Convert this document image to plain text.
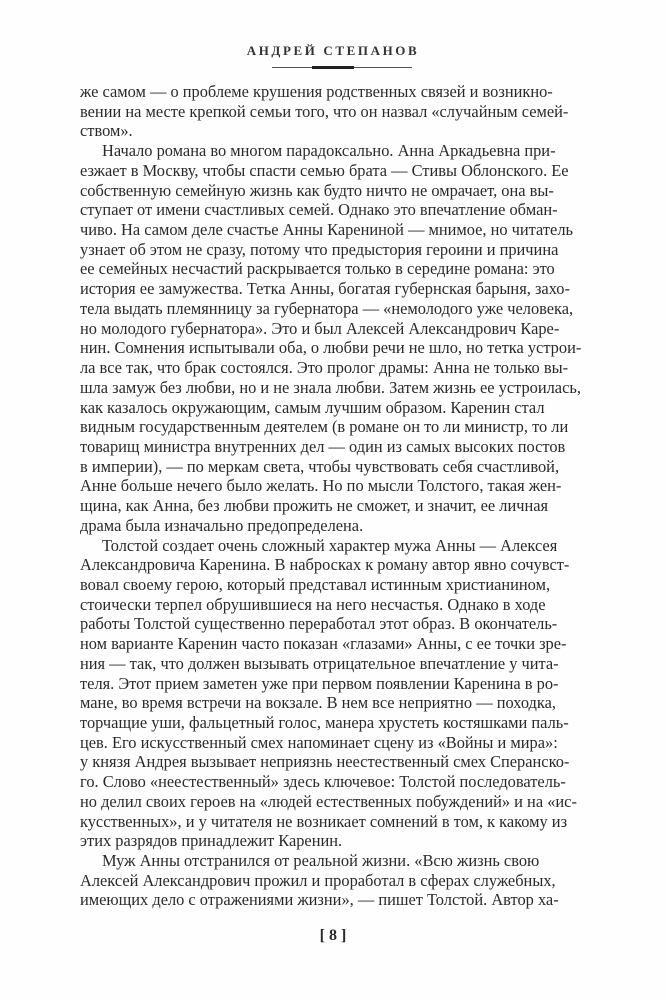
АНДРЕЙ СТЕПАНОВ
же самом — о проблеме крушения родственных связей и возникно-
вении на месте крепкой семьи того, что он назвал «случайным семей-
ством».
Начало романа во многом парадоксально. Анна Аркадьевна при-
езжает в Москву, чтобы спасти семью брата — Стивы Облонского. Ее
собственную семейную жизнь как будто ничто не омрачает, она вы-
ступает от имени счастливых семей. Однако это впечатление обман-
чиво. На самом деле счастье Анны Карениной — мнимое, но читатель
узнает об этом не сразу, потому что предыстория героини и причина
ее семейных несчастий раскрывается только в середине романа: это
история ее замужества. Тетка Анны, богатая губернская барыня, захо-
тела выдать племянницу за губернатора — «немолодого уже человека,
но молодого губернатора». Это и был Алексей Александрович Каре-
нин. Сомнения испытывали оба, о любви речи не шло, но тетка устрои-
ла все так, что брак состоялся. Это пролог драмы: Анна не только вы-
шла замуж без любви, но и не знала любви. Затем жизнь ее устроилась,
как казалось окружающим, самым лучшим образом. Каренин стал
видным государственным деятелем (в романе он то ли министр, то ли
товарищ министра внутренних дел — один из самых высоких постов
в империи), — по меркам света, чтобы чувствовать себя счастливой,
Анне больше нечего было желать. Но по мысли Толстого, такая жен-
щина, как Анна, без любви прожить не сможет, и значит, ее личная
драма была изначально предопределена.
Толстой создает очень сложный характер мужа Анны — Алексея
Александровича Каренина. В набросках к роману автор явно сочувст-
вовал своему герою, который представал истинным христианином,
стоически терпел обрушившиеся на него несчастья. Однако в ходе
работы Толстой существенно переработал этот образ. В окончатель-
ном варианте Каренин часто показан «глазами» Анны, с ее точки зре-
ния — так, что должен вызывать отрицательное впечатление у чита-
теля. Этот прием заметен уже при первом появлении Каренина в ро-
мане, во время встречи на вокзале. В нем все неприятно — походка,
торчащие уши, фальцетный голос, манера хрустеть костяшками паль-
цев. Его искусственный смех напоминает сцену из «Войны и мира»:
у князя Андрея вызывает неприязнь неестественный смех Сперанско-
го. Слово «неестественный» здесь ключевое: Толстой последователь-
но делил своих героев на «людей естественных побуждений» и на «ис-
кусственных», и у читателя не возникает сомнений в том, к какому из
этих разрядов принадлежит Каренин.
Муж Анны отстранился от реальной жизни. «Всю жизнь свою
Алексей Александрович прожил и проработал в сферах служебных,
имеющих дело с отражениями жизни», — пишет Толстой. Автор ха-
[ 8 ]
